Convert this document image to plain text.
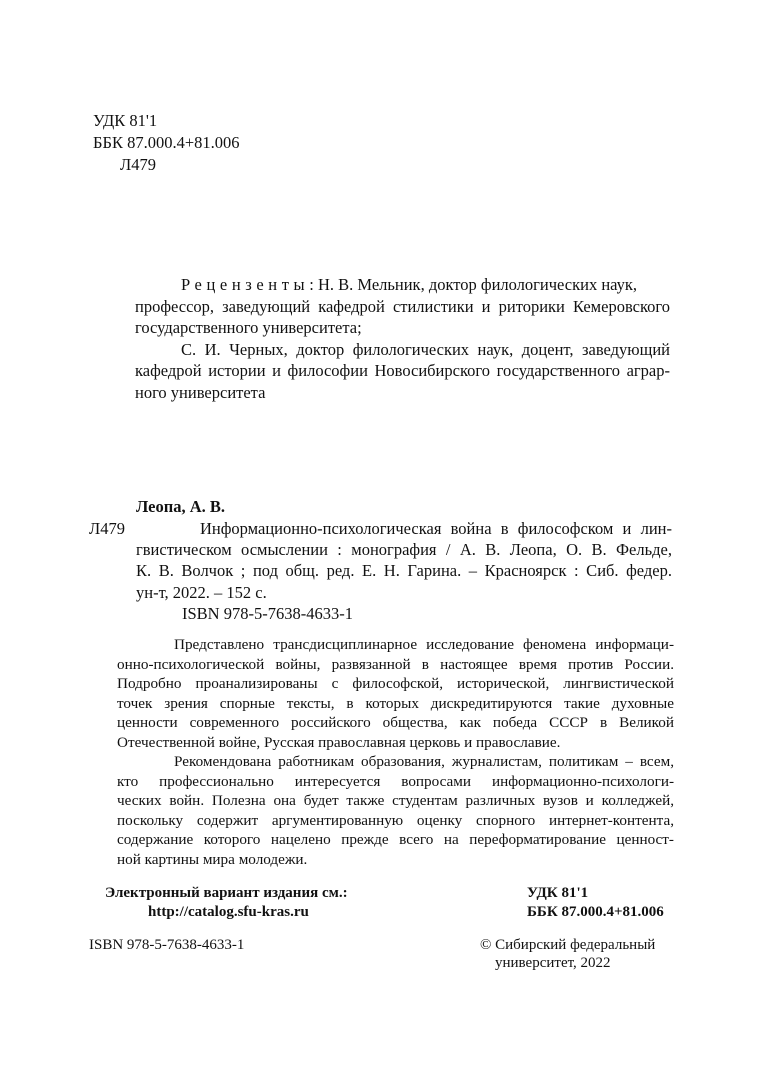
УДК 81'1
ББК 87.000.4+81.006
Л479
Рецензенты: Н. В. Мельник, доктор филологических наук,
профессор, заведующий кафедрой стилистики и риторики Кемеровского
государственного университета;
С. И. Черных, доктор филологических наук, доцент, заведующий
кафедрой истории и философии Новосибирского государственного аграр-
ного университета
Леопа, А. В.
Л479	Информационно-психологическая война в философском и лин-
гвистическом осмыслении : монография / А. В. Леопа, О. В. Фельде,
К. В. Волчок ; под общ. ред. Е. Н. Гарина. – Красноярск : Сиб. федер.
ун-т, 2022. – 152 с.
ISBN 978-5-7638-4633-1
Представлено трансдисциплинарное исследование феномена информаци-
онно-психологической войны, развязанной в настоящее время против России.
Подробно проанализированы с философской, исторической, лингвистической
точек зрения спорные тексты, в которых дискредитируются такие духовные
ценности современного российского общества, как победа СССР в Великой
Отечественной войне, Русская православная церковь и православие.
Рекомендована работникам образования, журналистам, политикам – всем,
кто профессионально интересуется вопросами информационно-психологи-
ческих войн. Полезна она будет также студентам различных вузов и колледжей,
поскольку содержит аргументированную оценку спорного интернет-контента,
содержание которого нацелено прежде всего на переформатирование ценност-
ной картины мира молодежи.
Электронный вариант издания см.:
http://catalog.sfu-kras.ru
УДК 81'1
ББК 87.000.4+81.006
ISBN 978-5-7638-4633-1	© Сибирский федеральный
университет, 2022
